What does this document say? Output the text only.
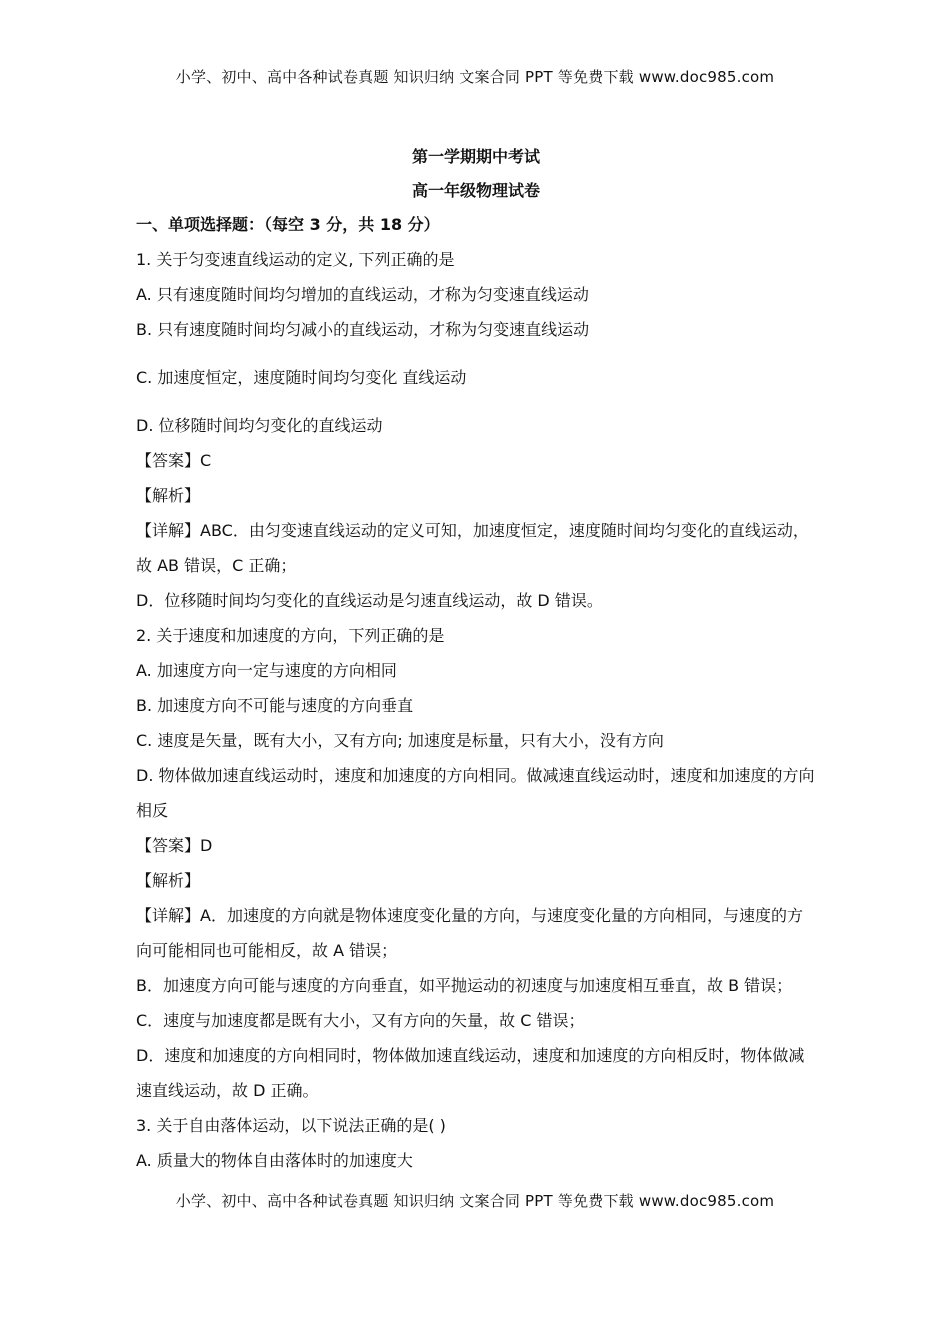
小学、初中、高中各种试卷真题 知识归纳 文案合同 PPT 等免费下载 www.doc985.com
第一学期期中考试
高一年级物理试卷
一、单项选择题：（每空 3 分，共 18 分）
1. 关于匀变速直线运动的定义, 下列正确的是
A. 只有速度随时间均匀增加的直线运动，才称为匀变速直线运动
B. 只有速度随时间均匀减小的直线运动，才称为匀变速直线运动
C. 加速度恒定，速度随时间均匀变化 直线运动
D. 位移随时间均匀变化的直线运动
【答案】C
【解析】
【详解】ABC．由匀变速直线运动的定义可知，加速度恒定，速度随时间均匀变化的直线运动，故 AB 错误，C 正确；
D．位移随时间均匀变化的直线运动是匀速直线运动，故 D 错误。
2. 关于速度和加速度的方向，下列正确的是
A. 加速度方向一定与速度的方向相同
B. 加速度方向不可能与速度的方向垂直
C. 速度是矢量，既有大小，又有方向; 加速度是标量，只有大小，没有方向
D. 物体做加速直线运动时，速度和加速度的方向相同。做减速直线运动时，速度和加速度的方向相反
【答案】D
【解析】
【详解】A．加速度的方向就是物体速度变化量的方向，与速度变化量的方向相同，与速度的方向可能相同也可能相反，故 A 错误；
B．加速度方向可能与速度的方向垂直，如平抛运动的初速度与加速度相互垂直，故 B 错误；
C．速度与加速度都是既有大小，又有方向的矢量，故 C 错误；
D．速度和加速度的方向相同时，物体做加速直线运动，速度和加速度的方向相反时，物体做减速直线运动，故 D 正确。
3. 关于自由落体运动，以下说法正确的是( )
A. 质量大的物体自由落体时的加速度大
小学、初中、高中各种试卷真题 知识归纳 文案合同 PPT 等免费下载 www.doc985.com
